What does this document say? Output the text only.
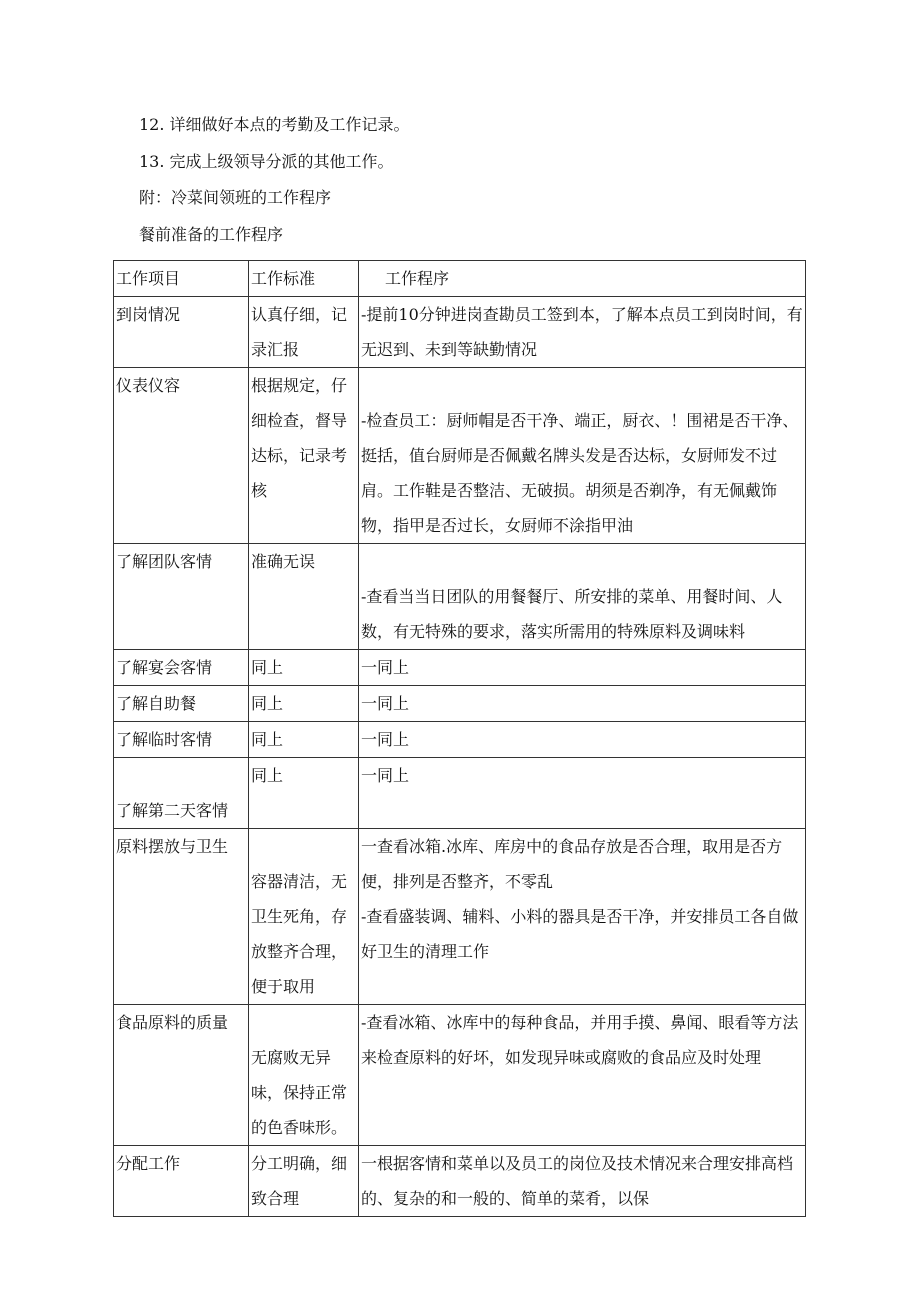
12. 详细做好本点的考勤及工作记录。
13. 完成上级领导分派的其他工作。
附：冷菜间领班的工作程序
餐前准备的工作程序
工作项目	工作标准	工作程序
到岗情况	认真仔细，记录汇报	-提前10分钟进岗查勘员工签到本，了解本点员工到岗时间，有无迟到、未到等缺勤情况
仪表仪容	根据规定，仔细检查，督导达标，记录考核	-检查员工：厨师帽是否干净、端正，厨衣、！围裙是否干净、挺括，值台厨师是否佩戴名牌头发是否达标，女厨师发不过肩。工作鞋是否整洁、无破损。胡须是否剃净，有无佩戴饰物，指甲是否过长，女厨师不涂指甲油
了解团队客情	准确无误	-查看当当日团队的用餐餐厅、所安排的菜单、用餐时间、人数，有无特殊的要求，落实所需用的特殊原料及调味料
了解宴会客情	同上	一同上
了解自助餐	同上	一同上
了解临时客情	同上	一同上
了解第二天客情	同上	一同上
原料摆放与卫生	容器清洁，无卫生死角，存放整齐合理，便于取用	一查看冰箱.冰库、库房中的食品存放是否合理，取用是否方便，排列是否整齐，不零乱
-查看盛装调、辅料、小料的器具是否干净，并安排员工各自做好卫生的清理工作

食品原料的质量	无腐败无异味，保持正常的色香味形。	-查看冰箱、冰库中的每种食品，并用手摸、鼻闻、眼看等方法来检查原料的好坏，如发现异味或腐败的食品应及时处理
分配工作	分工明确，细致合理	一根据客情和菜单以及员工的岗位及技术情况来合理安排高档的、复杂的和一般的、简单的菜肴，以保
